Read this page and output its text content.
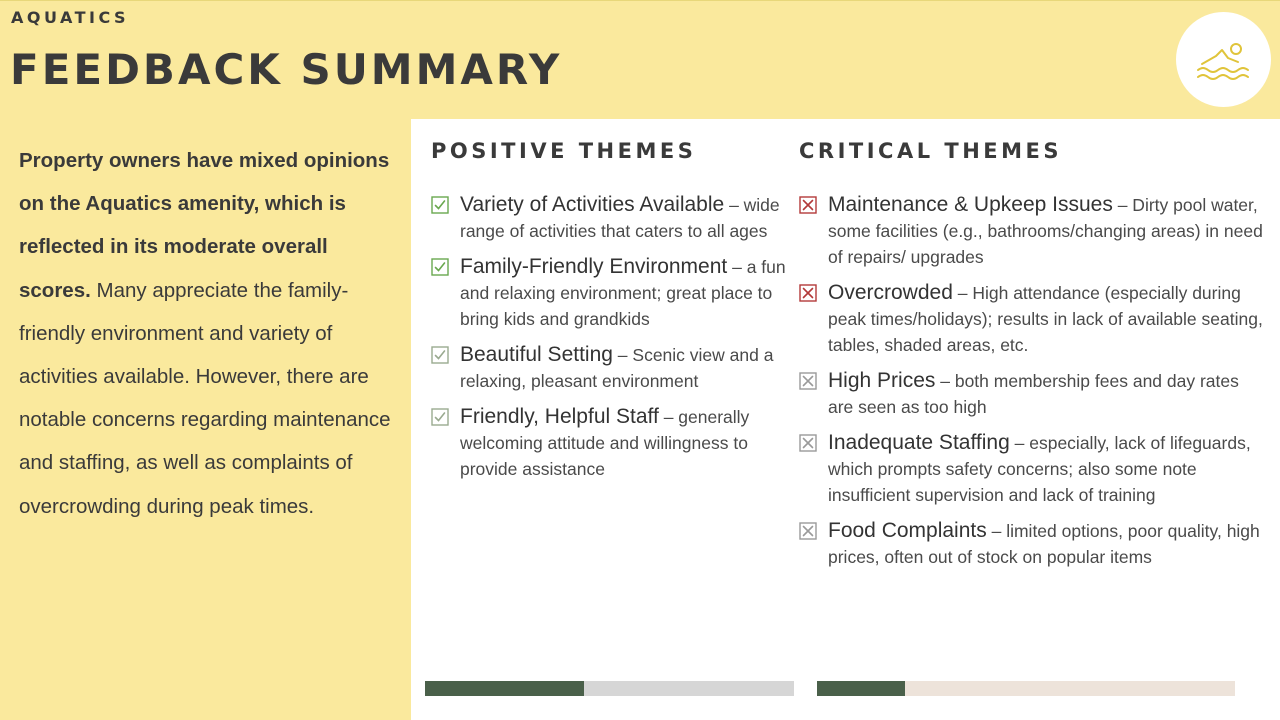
AQUATICS
FEEDBACK SUMMARY
Property owners have mixed opinions on the Aquatics amenity, which is reflected in its moderate overall scores. Many appreciate the family-friendly environment and variety of activities available. However, there are notable concerns regarding maintenance and staffing, as well as complaints of overcrowding during peak times.
POSITIVE THEMES
Variety of Activities Available – wide range of activities that caters to all ages
Family-Friendly Environment – a fun and relaxing environment; great place to bring kids and grandkids
Beautiful Setting – Scenic view and a relaxing, pleasant environment
Friendly, Helpful Staff – generally welcoming attitude and willingness to provide assistance
CRITICAL THEMES
Maintenance & Upkeep Issues – Dirty pool water, some facilities (e.g., bathrooms/changing areas) in need of repairs/ upgrades
Overcrowded – High attendance (especially during peak times/holidays); results in lack of available seating, tables, shaded areas, etc.
High Prices – both membership fees and day rates are seen as too high
Inadequate Staffing – especially, lack of lifeguards, which prompts safety concerns; also some note insufficient supervision and lack of training
Food Complaints – limited options, poor quality, high prices, often out of stock on popular items
